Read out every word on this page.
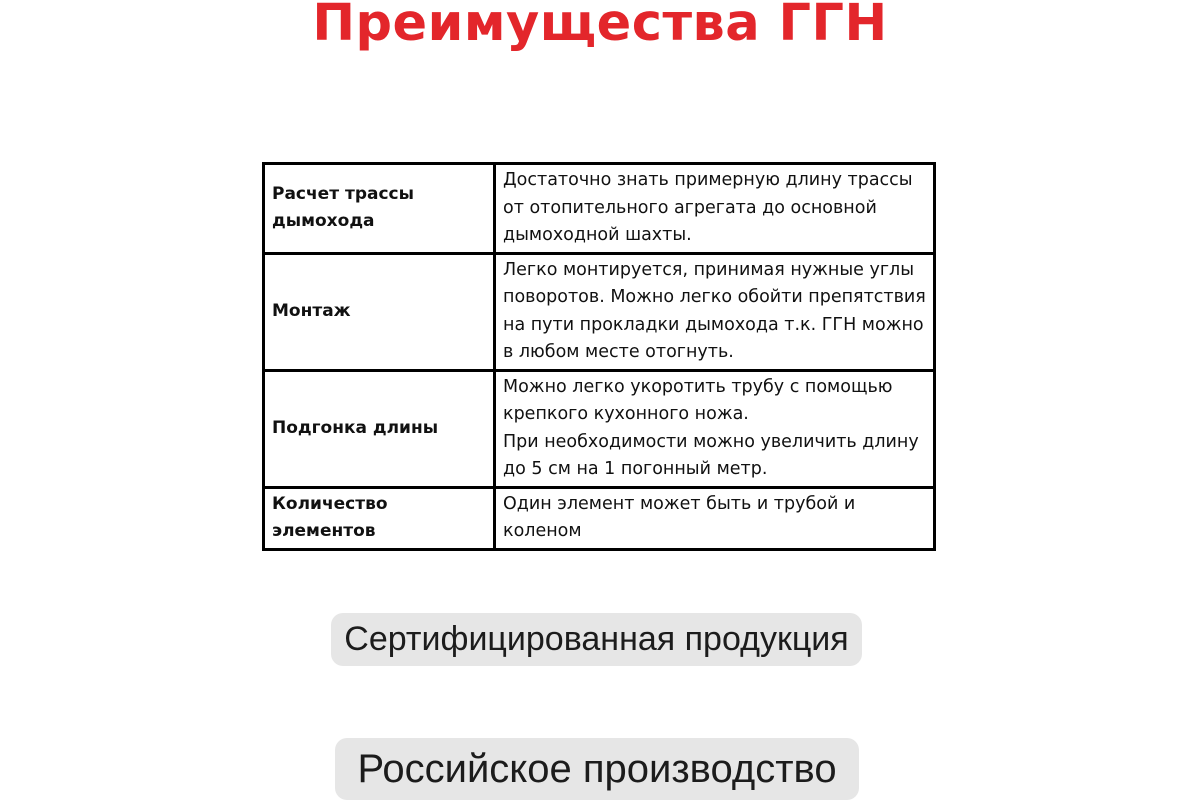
Преимущества ГГН
Расчет трассы дымохода	Достаточно знать примерную длину трассы от отопительного агрегата до основной дымоходной шахты.
Монтаж	Легко монтируется, принимая нужные углы поворотов. Можно легко обойти препятствия на пути прокладки дымохода т.к. ГГН можно в любом месте отогнуть.
Подгонка длины	Можно легко укоротить трубу с помощью крепкого кухонного ножа.
При необходимости можно увеличить длину до 5 см на 1 погонный метр.
Количество элементов	Один элемент может быть и трубой и коленом
Сертифицированная продукция
Российское производство
